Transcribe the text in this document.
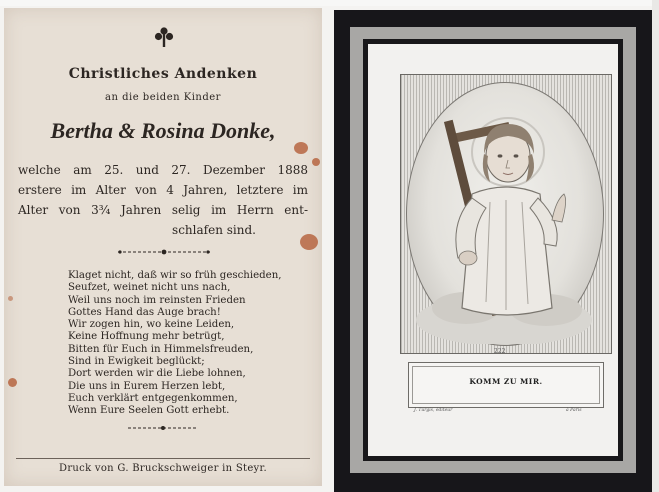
Christliches Andenken
an die beiden Kinder
Bertha & Rosina Donke,
welche am 25. und 27. Dezember 1888
erstere im Alter von 4 Jahren, letztere im
Alter von 3¾ Jahren selig im Herrn ent-
schlafen sind.
Klaget nicht, daß wir so früh geschieden,
Seufzet, weinet nicht uns nach,
Weil uns noch im reinsten Frieden
Gottes Hand das Auge brach!
Wir zogen hin, wo keine Leiden,
Keine Hoffnung mehr betrügt,
Bitten für Euch in Himmelsfreuden,
Sind in Ewigkeit beglückt;
Dort werden wir die Liebe lohnen,
Die uns in Eurem Herzen lebt,
Euch verklärt entgegenkommen,
Wenn Eure Seelen Gott erhebt.
Druck von G. Bruckschweiger in Steyr.
222
KOMM ZU MIR.
J. Turgis, éditeur	à Paris
